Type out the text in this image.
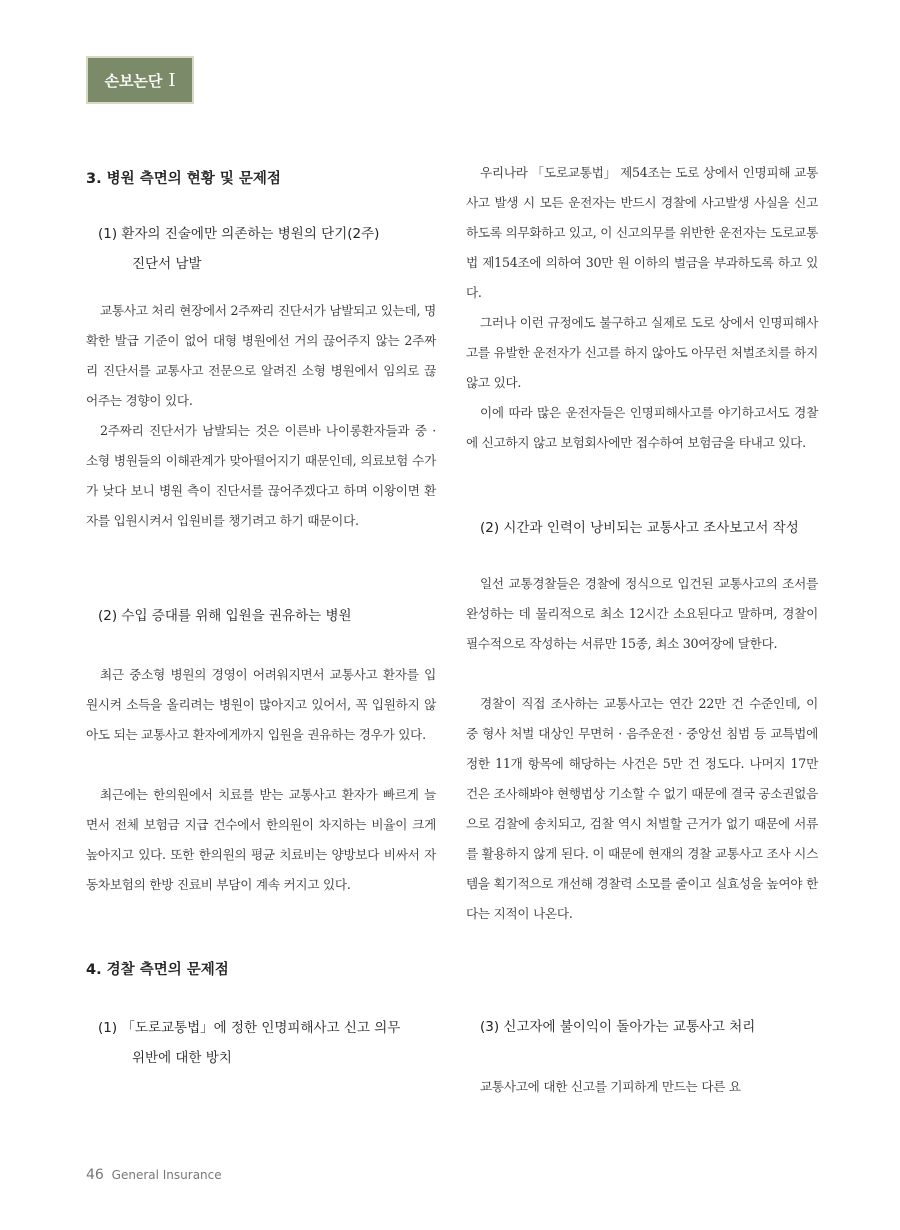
손보논단 Ⅰ
3. 병원 측면의 현황 및 문제점
(1) 환자의 진술에만 의존하는 병원의 단기(2주)
진단서 남발

교통사고 처리 현장에서 2주짜리 진단서가 남발되고 있는데, 명확한 발급 기준이 없어 대형 병원에선 거의 끊어주지 않는 2주짜리 진단서를 교통사고 전문으로 알려진 소형 병원에서 임의로 끊어주는 경향이 있다.

2주짜리 진단서가 남발되는 것은 이른바 나이롱환자들과 중 · 소형 병원들의 이해관계가 맞아떨어지기 때문인데, 의료보험 수가가 낮다 보니 병원 측이 진단서를 끊어주겠다고 하며 이왕이면 환자를 입원시켜서 입원비를 챙기려고 하기 때문이다.

(2) 수입 증대를 위해 입원을 권유하는 병원

최근 중소형 병원의 경영이 어려워지면서 교통사고 환자를 입원시켜 소득을 올리려는 병원이 많아지고 있어서, 꼭 입원하지 않아도 되는 교통사고 환자에게까지 입원을 권유하는 경우가 있다.

최근에는 한의원에서 치료를 받는 교통사고 환자가 빠르게 늘면서 전체 보험금 지급 건수에서 한의원이 차지하는 비율이 크게 높아지고 있다. 또한 한의원의 평균 치료비는 양방보다 비싸서 자동차보험의 한방 진료비 부담이 계속 커지고 있다.

4. 경찰 측면의 문제점
(1) 「도로교통법」에 정한 인명피해사고 신고 의무
위반에 대한 방치

우리나라 「도로교통법」 제54조는 도로 상에서 인명피해 교통사고 발생 시 모든 운전자는 반드시 경찰에 사고발생 사실을 신고하도록 의무화하고 있고, 이 신고의무를 위반한 운전자는 도로교통법 제154조에 의하여 30만 원 이하의 벌금을 부과하도록 하고 있다.

그러나 이런 규정에도 불구하고 실제로 도로 상에서 인명피해사고를 유발한 운전자가 신고를 하지 않아도 아무런 처벌조치를 하지 않고 있다.

이에 따라 많은 운전자들은 인명피해사고를 야기하고서도 경찰에 신고하지 않고 보험회사에만 접수하여 보험금을 타내고 있다.

(2) 시간과 인력이 낭비되는 교통사고 조사보고서 작성

일선 교통경찰들은 경찰에 정식으로 입건된 교통사고의 조서를 완성하는 데 물리적으로 최소 12시간 소요된다고 말하며, 경찰이 필수적으로 작성하는 서류만 15종, 최소 30여장에 달한다.

경찰이 직접 조사하는 교통사고는 연간 22만 건 수준인데, 이 중 형사 처벌 대상인 무면허 · 음주운전 · 중앙선 침범 등 교특법에 정한 11개 항목에 해당하는 사건은 5만 건 정도다. 나머지 17만 건은 조사해봐야 현행법상 기소할 수 없기 때문에 결국 공소권없음으로 검찰에 송치되고, 검찰 역시 처벌할 근거가 없기 때문에 서류를 활용하지 않게 된다. 이 때문에 현재의 경찰 교통사고 조사 시스템을 획기적으로 개선해 경찰력 소모를 줄이고 실효성을 높여야 한다는 지적이 나온다.

(3) 신고자에 불이익이 돌아가는 교통사고 처리

교통사고에 대한 신고를 기피하게 만드는 다른 요

46 General Insurance
